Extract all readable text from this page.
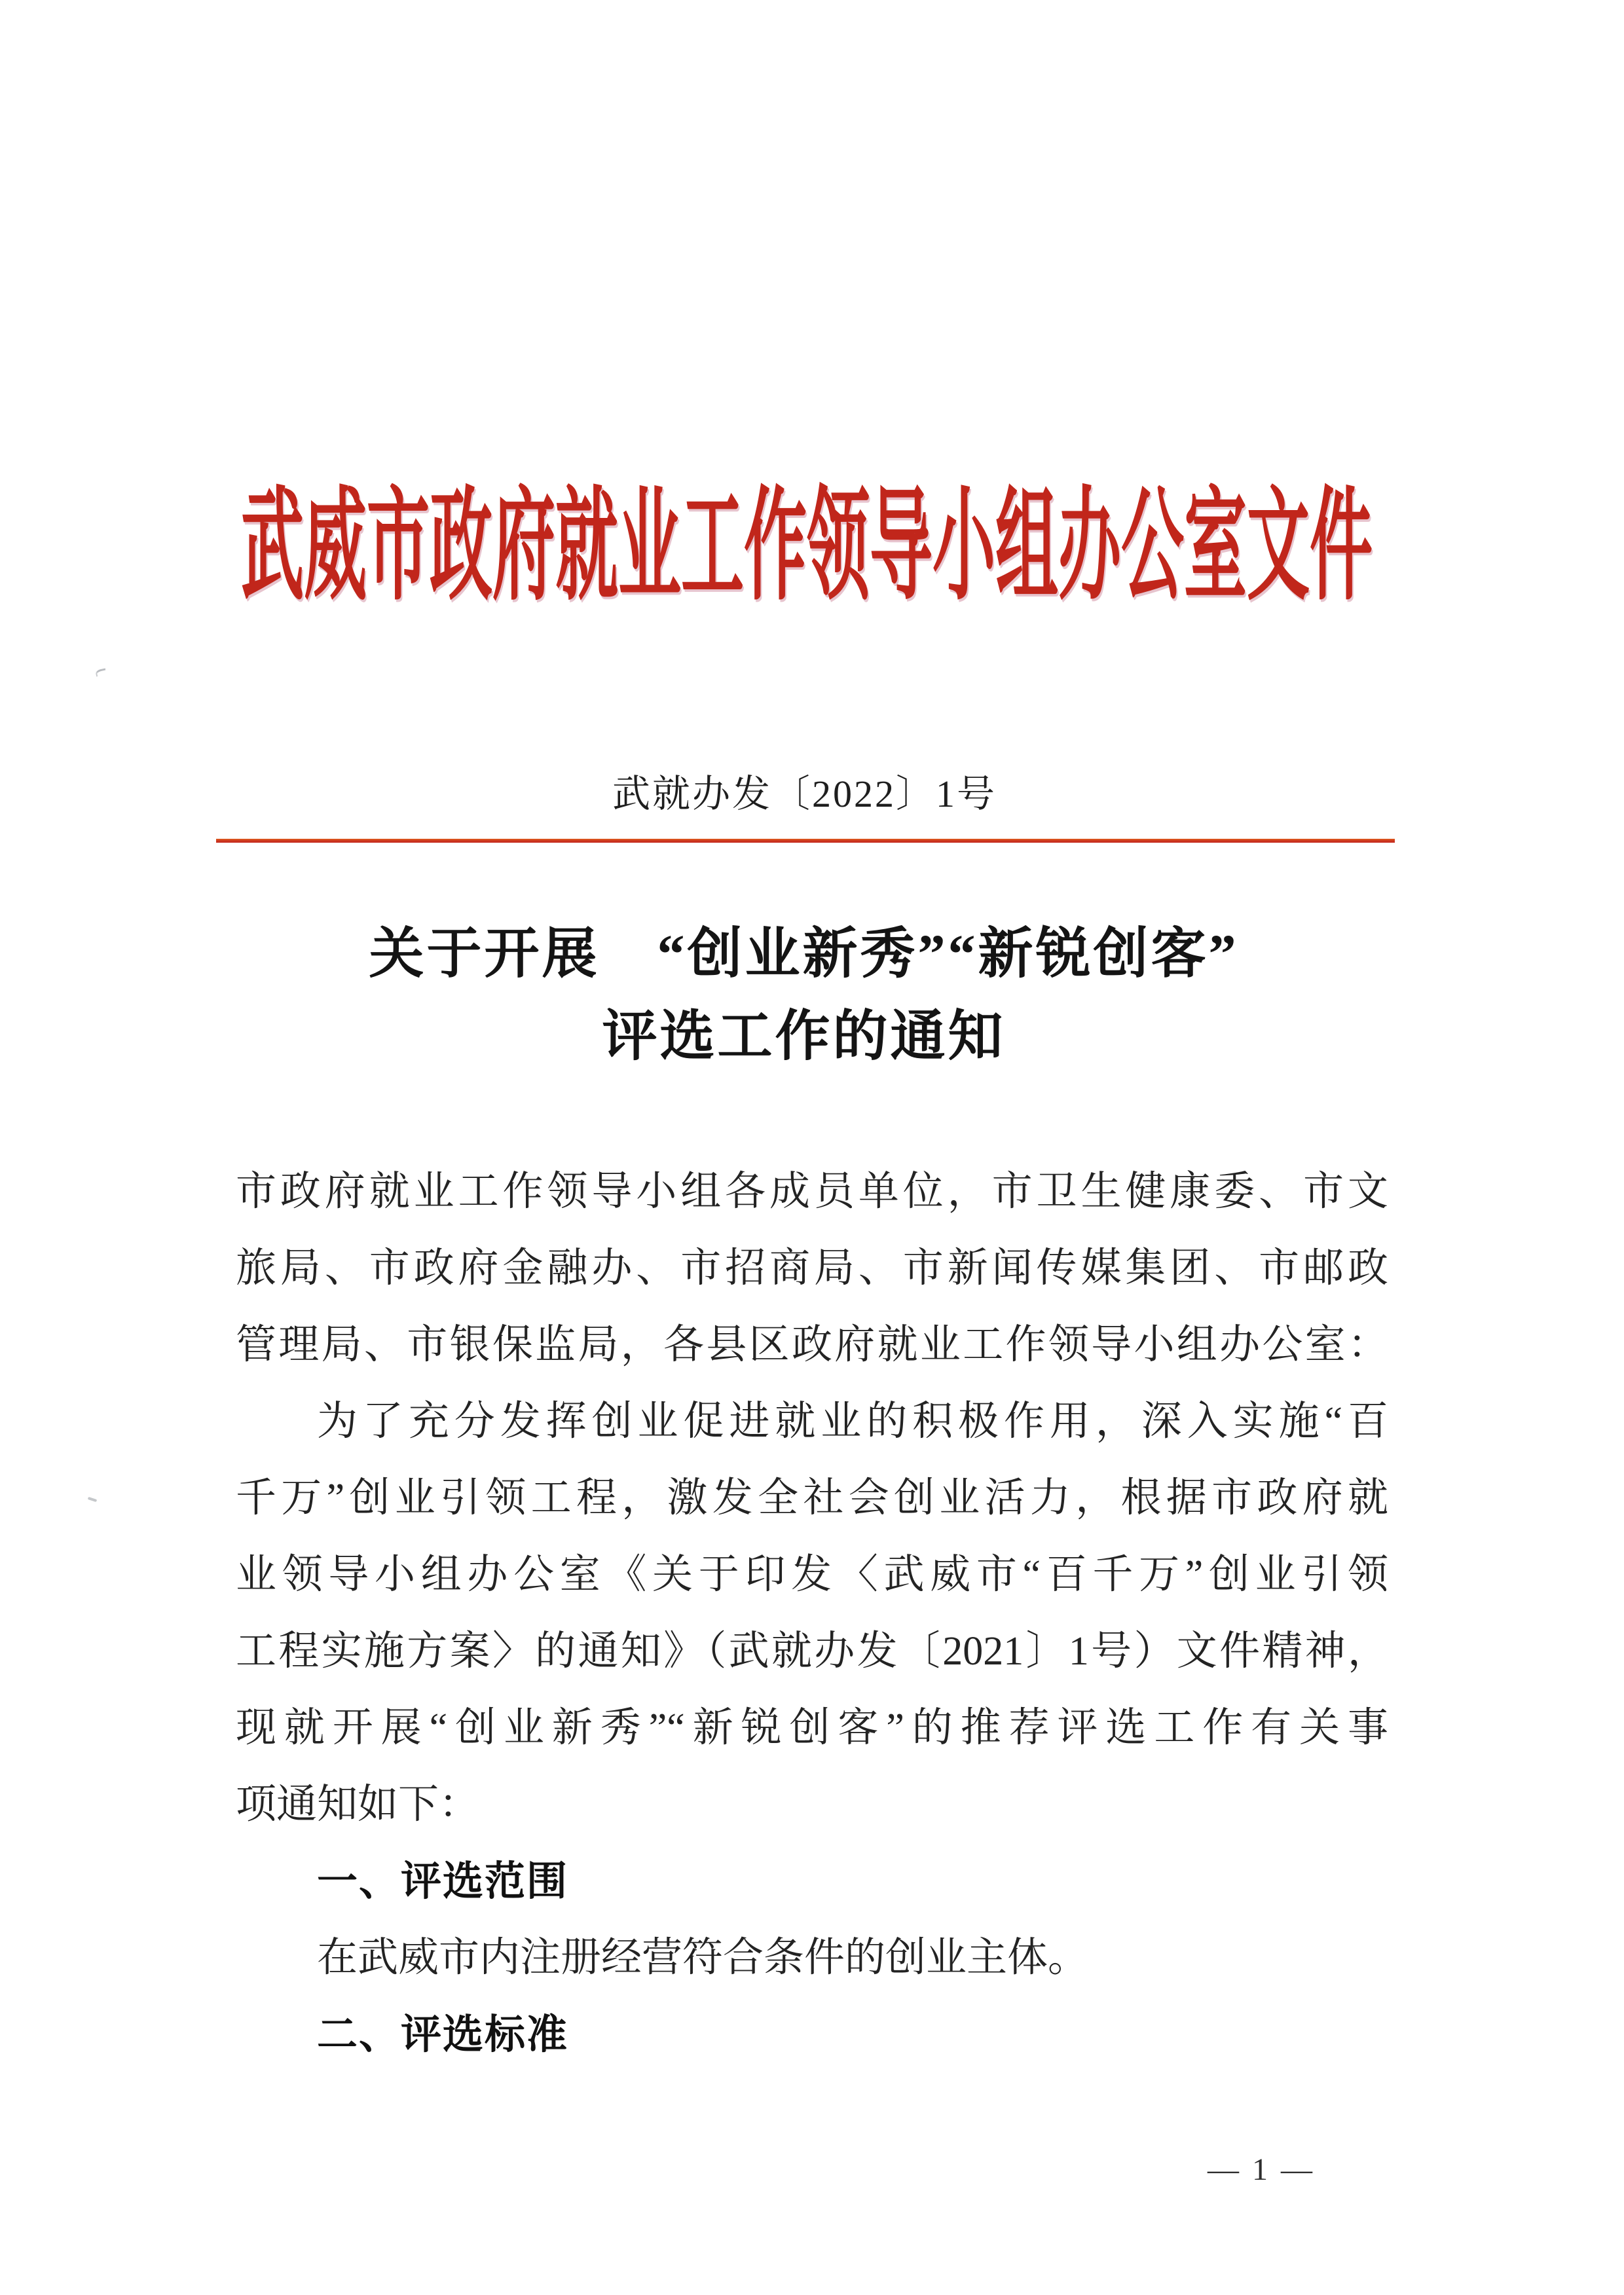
武威市政府就业工作领导小组办公室文件
武就办发〔2022〕1号
关于开展　“创业新秀”“新锐创客”
评选工作的通知
市政府就业工作领导小组各成员单位，市卫生健康委、市文
旅局、市政府金融办、市招商局、市新闻传媒集团、市邮政
管理局、市银保监局，各县区政府就业工作领导小组办公室：
为了充分发挥创业促进就业的积极作用，深入实施“百
千万”创业引领工程，激发全社会创业活力，根据市政府就
业领导小组办公室《关于印发〈武威市“百千万”创业引领
工程实施方案〉的通知》（武就办发〔2021〕1号）文件精神，
现就开展“创业新秀”“新锐创客”的推荐评选工作有关事
项通知如下：
一、评选范围
在武威市内注册经营符合条件的创业主体。
二、评选标准
— 1 —
